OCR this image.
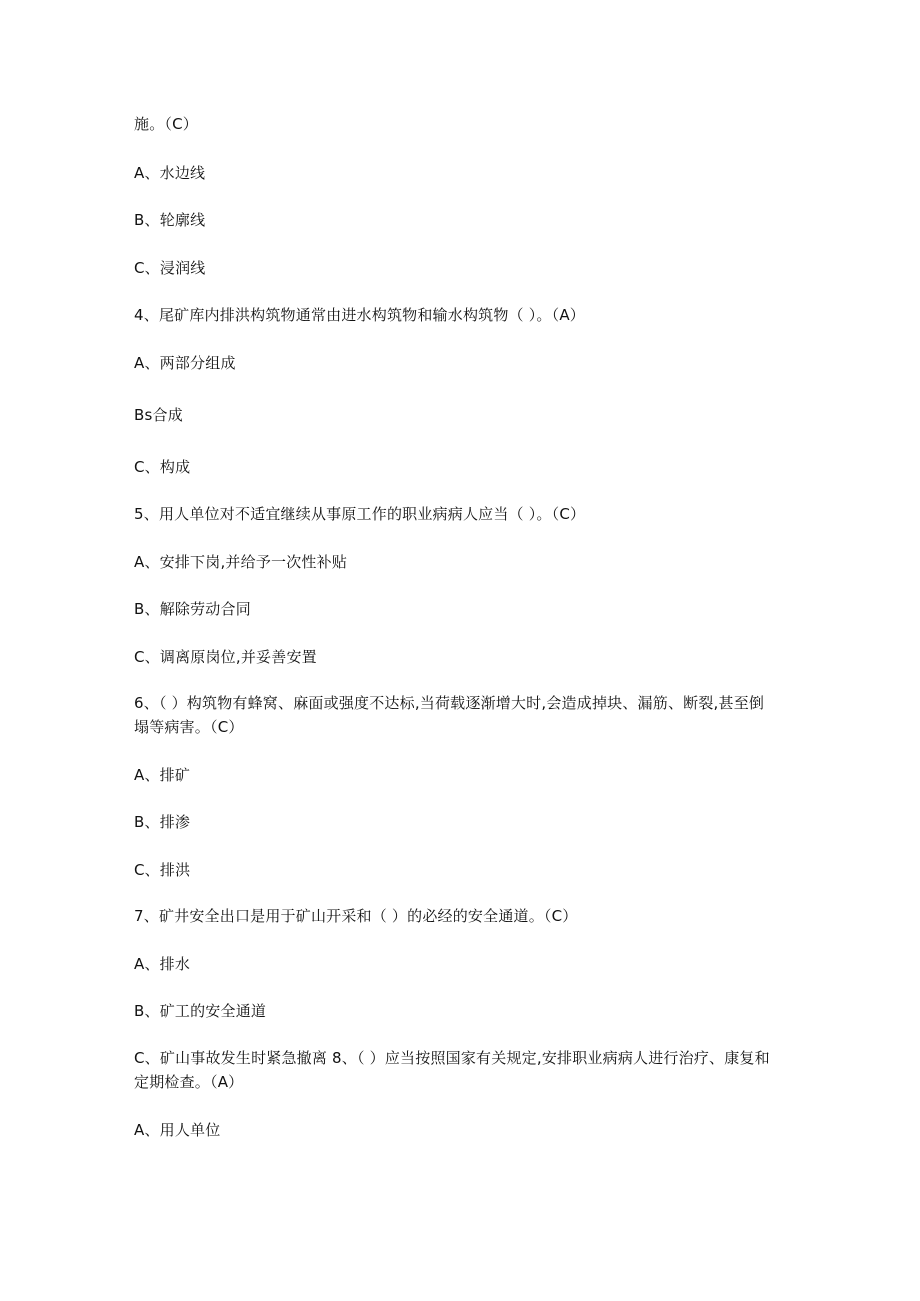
施。（C）
A、水边线
B、轮廓线
C、浸润线
4、尾矿库内排洪构筑物通常由进水构筑物和输水构筑物（ ）。（A）
A、两部分组成
Bs合成
C、构成
5、用人单位对不适宜继续从事原工作的职业病病人应当（ ）。（C）
A、安排下岗,并给予一次性补贴
B、解除劳动合同
C、调离原岗位,并妥善安置
6、（ ）构筑物有蜂窝、麻面或强度不达标,当荷载逐渐增大时,会造成掉块、漏筋、断裂,甚至倒
塌等病害。（C）
A、排矿
B、排渗
C、排洪
7、矿井安全出口是用于矿山开采和（ ）的必经的安全通道。（C）
A、排水
B、矿工的安全通道
C、矿山事故发生时紧急撤离 8、（ ）应当按照国家有关规定,安排职业病病人进行治疗、康复和
定期检查。（A）
A、用人单位
